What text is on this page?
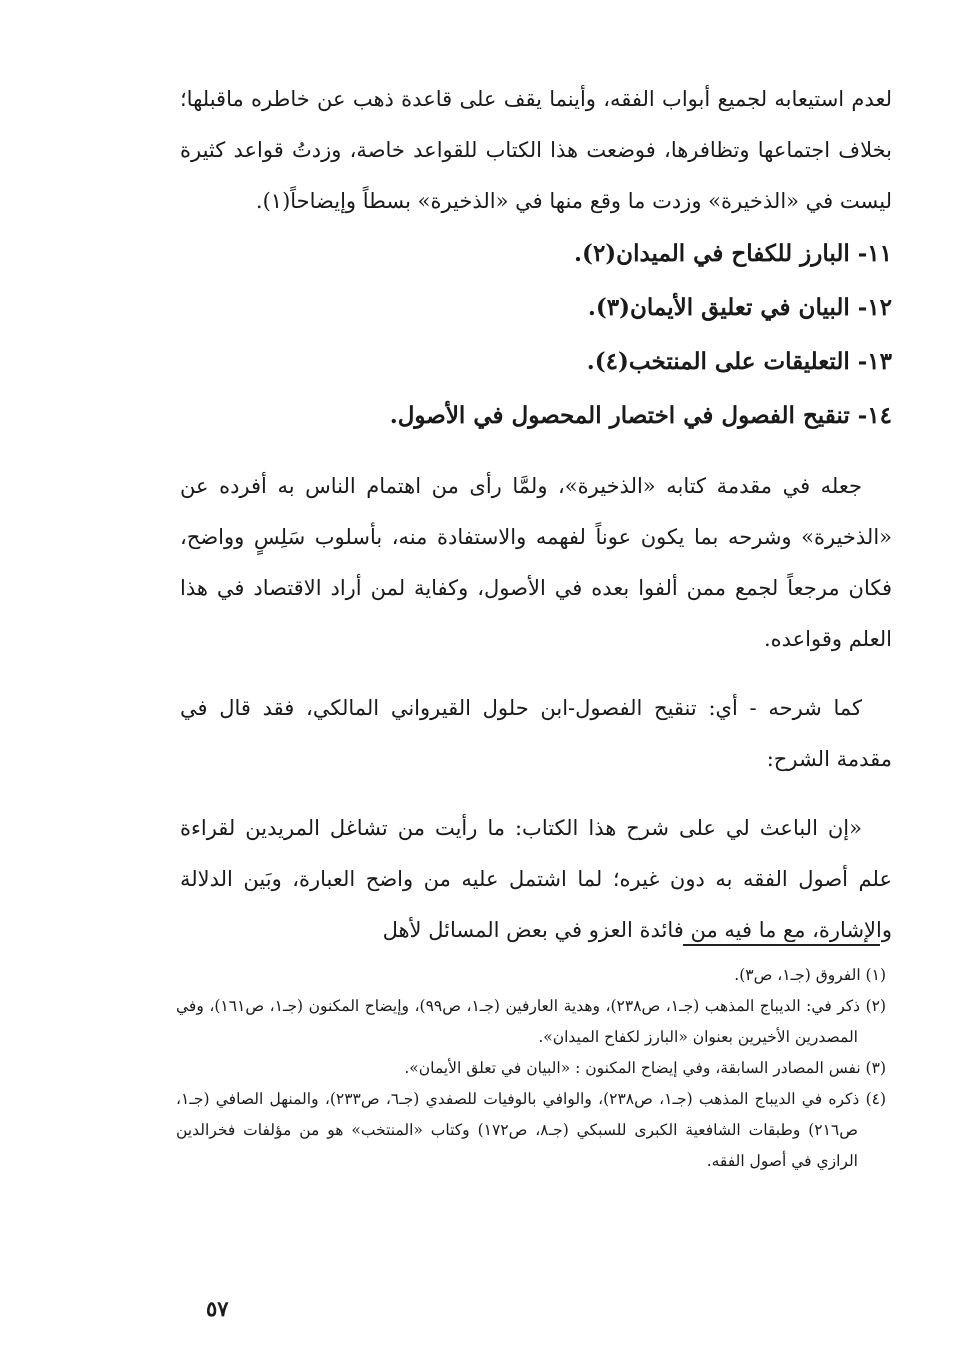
لعدم استيعابه لجميع أبواب الفقه، وأينما يقف على قاعدة ذهب عن خاطره ماقبلها؛ بخلاف اجتماعها وتظافرها، فوضعت هذا الكتاب للقواعد خاصة، وزدتُ قواعد كثيرة ليست في «الذخيرة» وزدت ما وقع منها في «الذخيرة» بسطاً وإيضاحاً(١).

١١- البارز للكفاح في الميدان(٢).

١٢- البيان في تعليق الأيمان(٣).

١٣- التعليقات على المنتخب(٤).

١٤- تنقيح الفصول في اختصار المحصول في الأصول.

جعله في مقدمة كتابه «الذخيرة»، ولمَّا رأى من اهتمام الناس به أفرده عن «الذخيرة» وشرحه بما يكون عوناً لفهمه والاستفادة منه، بأسلوب سَلِسٍ وواضح، فكان مرجعاً لجمع ممن ألفوا بعده في الأصول، وكفاية لمن أراد الاقتصاد في هذا العلم وقواعده.

كما شرحه - أي: تنقيح الفصول-ابن حلول القيرواني المالكي، فقد قال في مقدمة الشرح:

«إن الباعث لي على شرح هذا الكتاب: ما رأيت من تشاغل المريدين لقراءة علم أصول الفقه به دون غيره؛ لما اشتمل عليه من واضح العبارة، وبَين الدلالة والإشارة، مع ما فيه من فائدة العزو في بعض المسائل لأهل

(١) الفروق (جـ١، ص٣).

(٢) ذكر في: الديباج المذهب (جـ١، ص٢٣٨)، وهدية العارفين (جـ١، ص٩٩)، وإيضاح المكنون (جـ١، ص١٦١)، وفي المصدرين الأخيرين بعنوان «البارز لكفاح الميدان».

(٣) نفس المصادر السابقة، وفي إيضاح المكنون : «البيان في تعلق الأيمان».

(٤) ذكره في الديباج المذهب (جـ١، ص٢٣٨)، والوافي بالوفيات للصفدي (جـ٦، ص٢٣٣)، والمنهل الصافي (جـ١، ص٢١٦) وطبقات الشافعية الكبرى للسبكي (جـ٨، ص١٧٢) وكتاب «المنتخب» هو من مؤلفات فخرالدين الرازي في أصول الفقه.

٥٧
